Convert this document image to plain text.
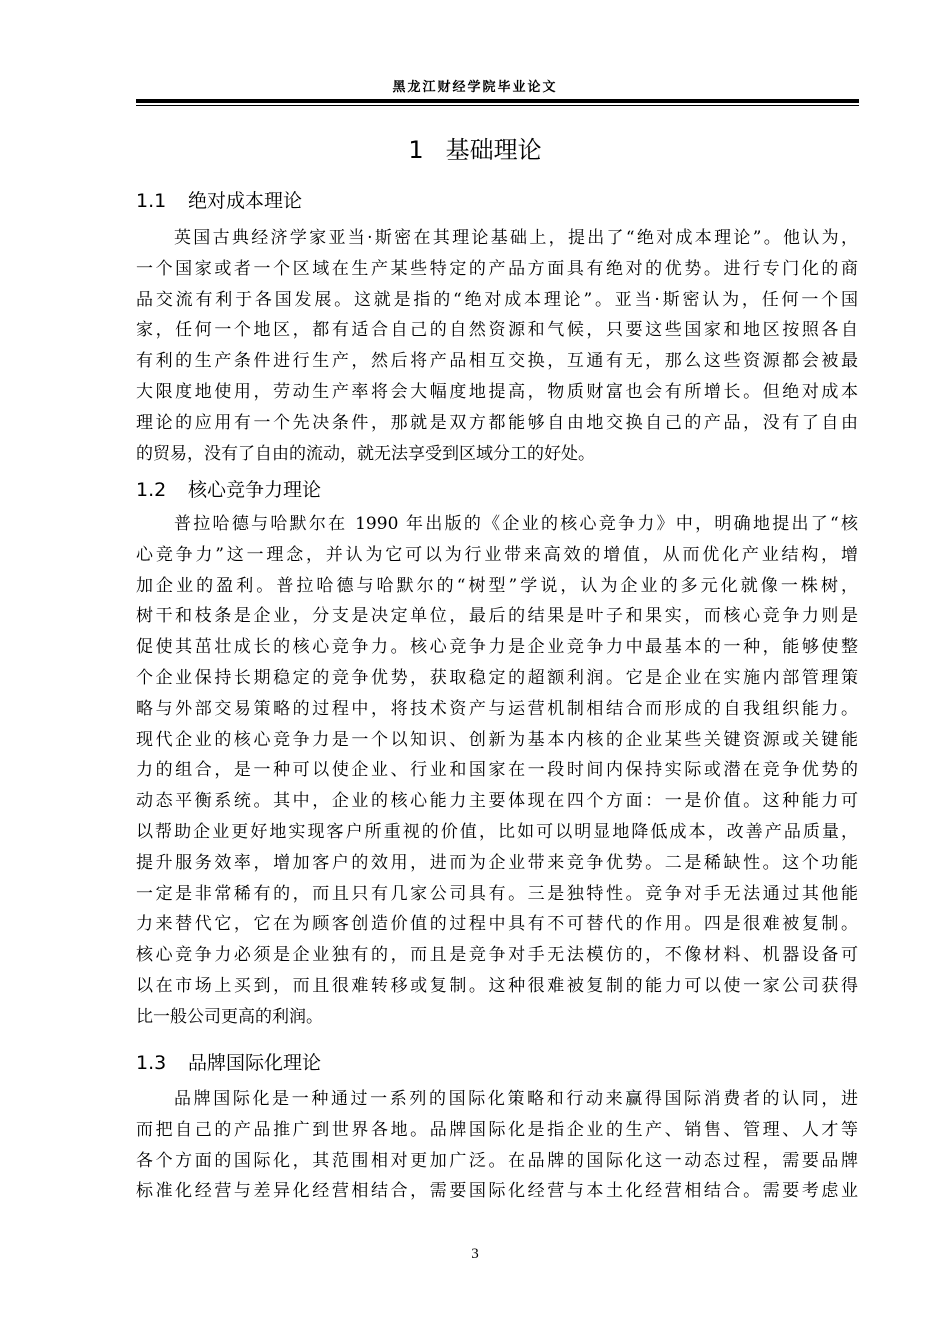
黑龙江财经学院毕业论文
1 基础理论
1.1 绝对成本理论
英国古典经济学家亚当·斯密在其理论基础上，提出了“绝对成本理论”。他认为，
一个国家或者一个区域在生产某些特定的产品方面具有绝对的优势。进行专门化的商
品交流有利于各国发展。这就是指的“绝对成本理论”。亚当·斯密认为，任何一个国
家，任何一个地区，都有适合自己的自然资源和气候，只要这些国家和地区按照各自
有利的生产条件进行生产，然后将产品相互交换，互通有无，那么这些资源都会被最
大限度地使用，劳动生产率将会大幅度地提高，物质财富也会有所增长。但绝对成本
理论的应用有一个先决条件，那就是双方都能够自由地交换自己的产品，没有了自由
的贸易，没有了自由的流动，就无法享受到区域分工的好处。
1.2 核心竞争力理论
普拉哈德与哈默尔在 1990 年出版的《企业的核心竞争力》中，明确地提出了“核
心竞争力”这一理念，并认为它可以为行业带来高效的增值，从而优化产业结构，增
加企业的盈利。普拉哈德与哈默尔的“树型”学说，认为企业的多元化就像一株树，
树干和枝条是企业，分支是决定单位，最后的结果是叶子和果实，而核心竞争力则是
促使其茁壮成长的核心竞争力。核心竞争力是企业竞争力中最基本的一种，能够使整
个企业保持长期稳定的竞争优势，获取稳定的超额利润。它是企业在实施内部管理策
略与外部交易策略的过程中，将技术资产与运营机制相结合而形成的自我组织能力。
现代企业的核心竞争力是一个以知识、创新为基本内核的企业某些关键资源或关键能
力的组合，是一种可以使企业、行业和国家在一段时间内保持实际或潜在竞争优势的
动态平衡系统。其中，企业的核心能力主要体现在四个方面：一是价值。这种能力可
以帮助企业更好地实现客户所重视的价值，比如可以明显地降低成本，改善产品质量，
提升服务效率，增加客户的效用，进而为企业带来竞争优势。二是稀缺性。这个功能
一定是非常稀有的，而且只有几家公司具有。三是独特性。竞争对手无法通过其他能
力来替代它，它在为顾客创造价值的过程中具有不可替代的作用。四是很难被复制。
核心竞争力必须是企业独有的，而且是竞争对手无法模仿的，不像材料、机器设备可
以在市场上买到，而且很难转移或复制。这种很难被复制的能力可以使一家公司获得
比一般公司更高的利润。
1.3 品牌国际化理论
品牌国际化是一种通过一系列的国际化策略和行动来赢得国际消费者的认同，进
而把自己的产品推广到世界各地。品牌国际化是指企业的生产、销售、管理、人才等
各个方面的国际化，其范围相对更加广泛。在品牌的国际化这一动态过程，需要品牌
标准化经营与差异化经营相结合，需要国际化经营与本土化经营相结合。需要考虑业
3
